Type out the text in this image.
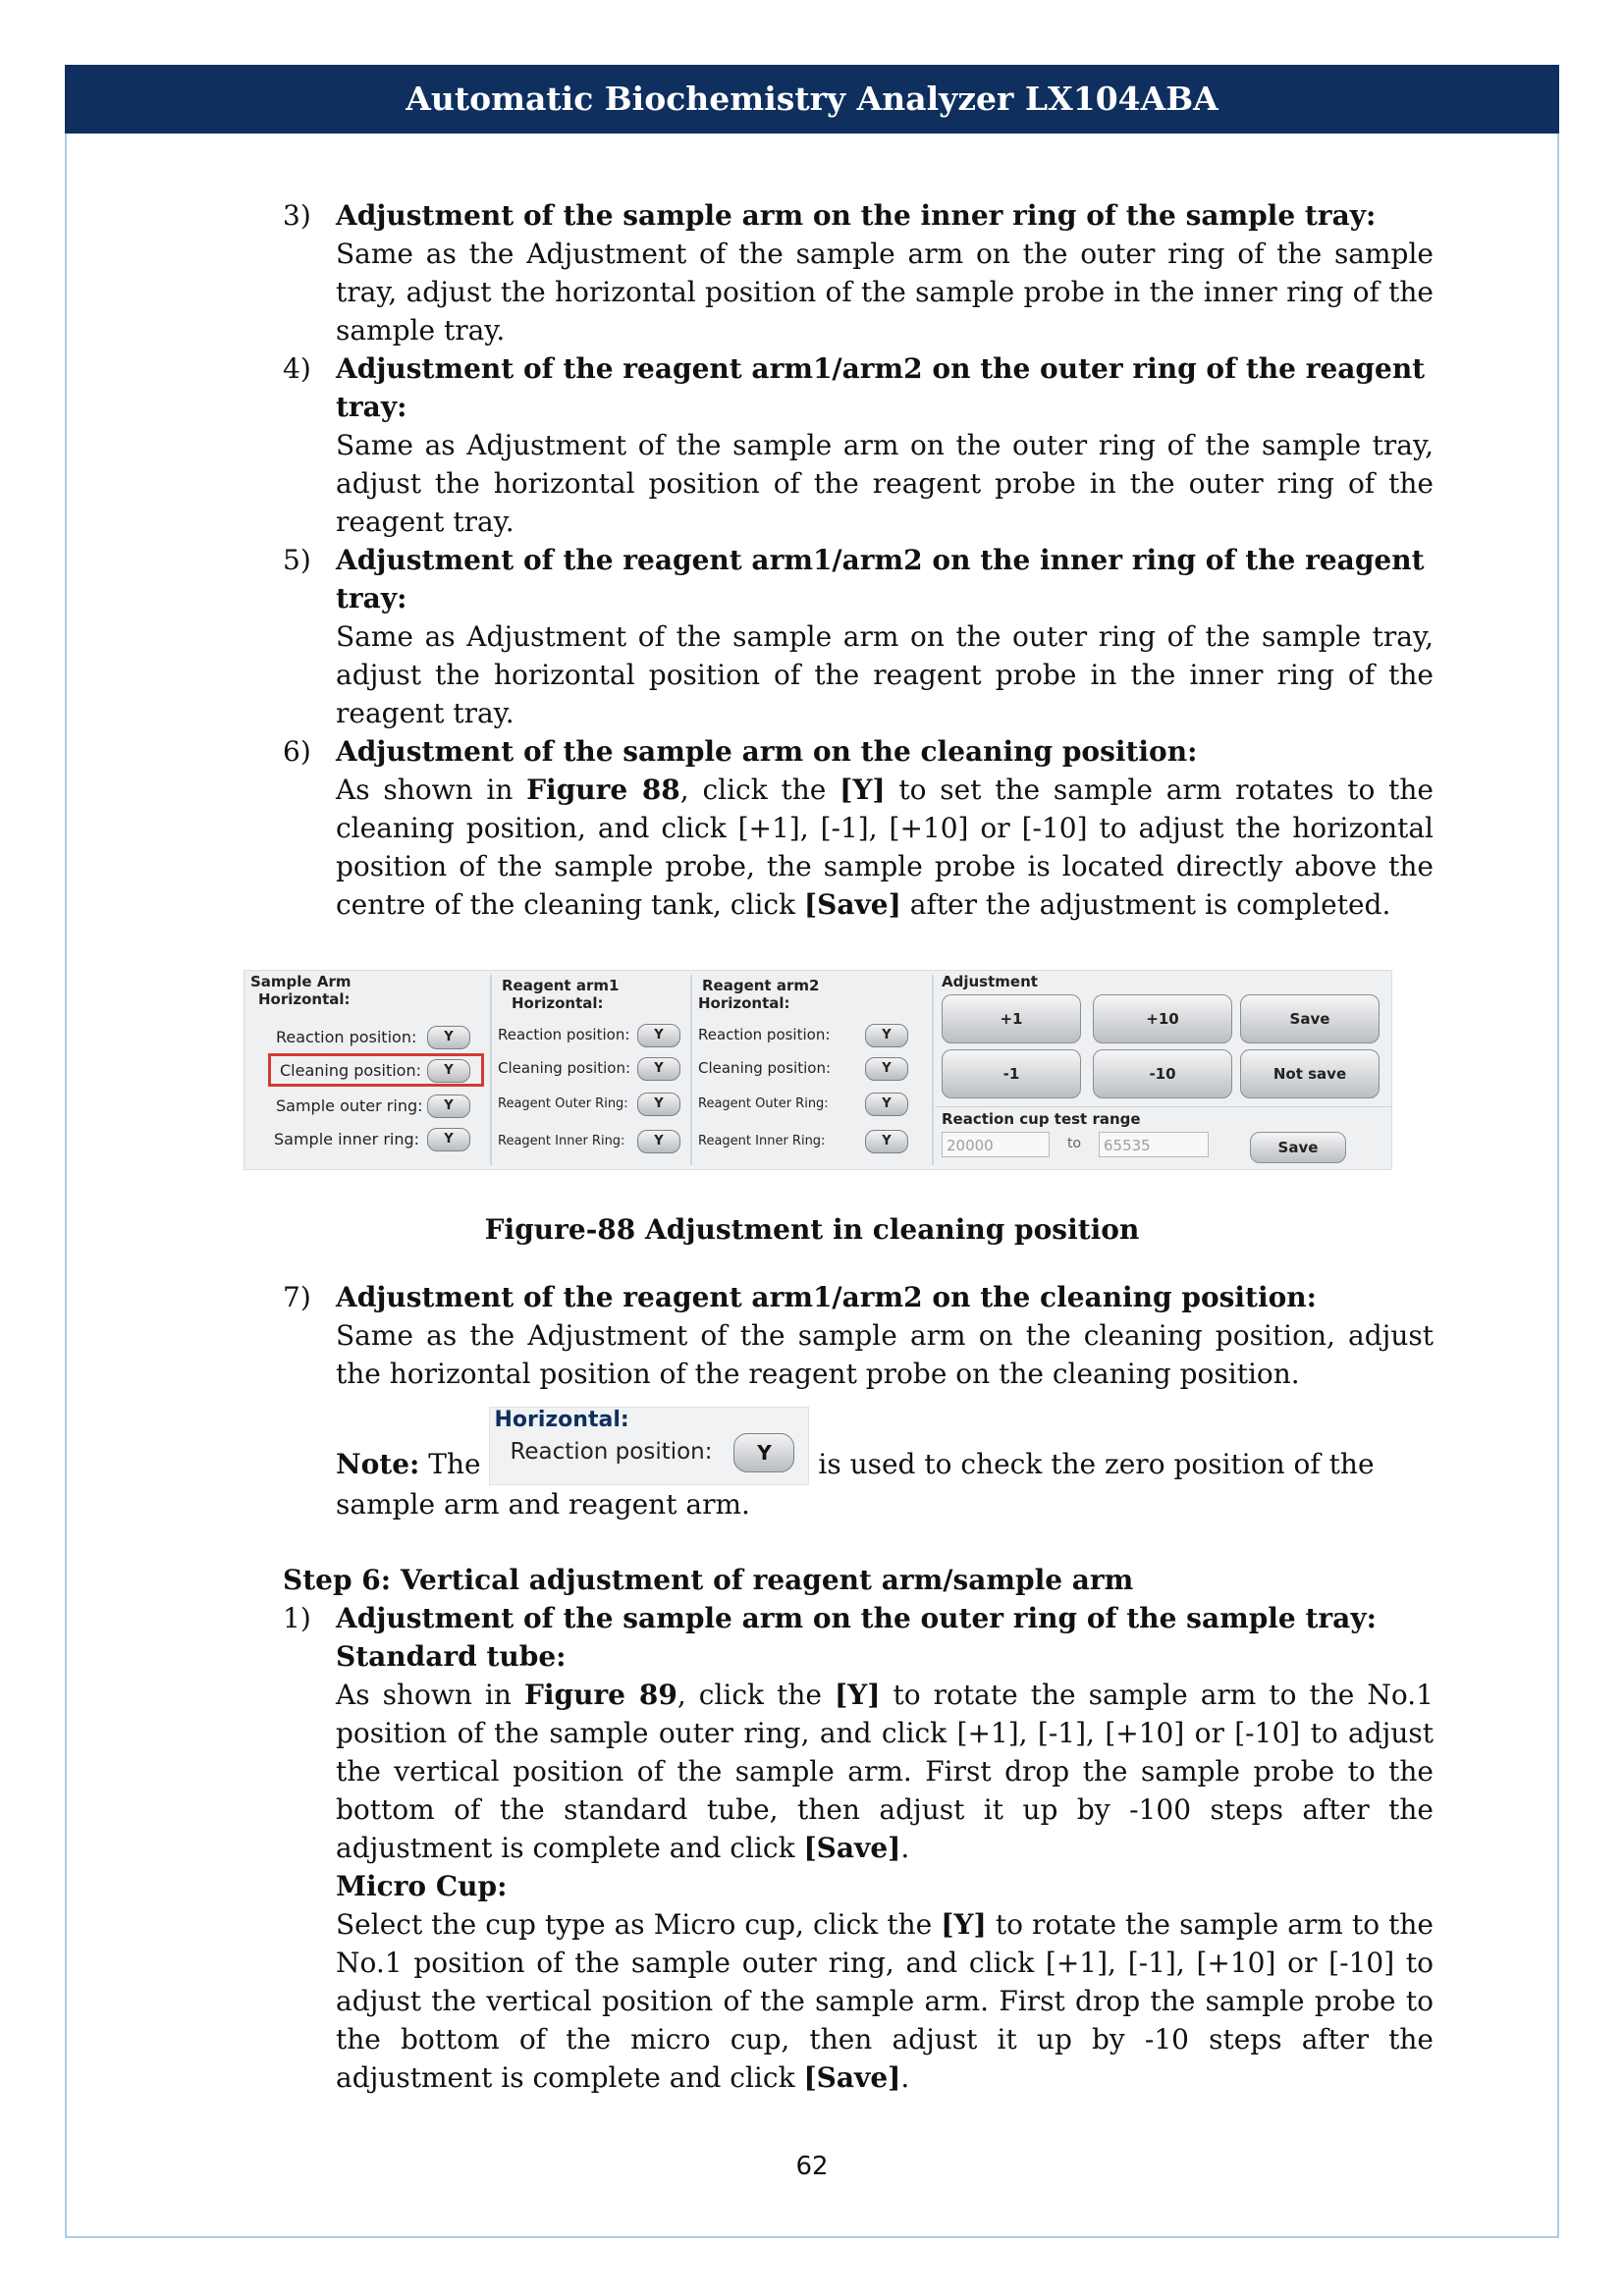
Automatic Biochemistry Analyzer LX104ABA
3) Adjustment of the sample arm on the inner ring of the sample tray:
Same as the Adjustment of the sample arm on the outer ring of the sample tray, adjust the horizontal position of the sample probe in the inner ring of the sample tray.
4) Adjustment of the reagent arm1/arm2 on the outer ring of the reagent tray:
Same as Adjustment of the sample arm on the outer ring of the sample tray, adjust the horizontal position of the reagent probe in the outer ring of the reagent tray.
5) Adjustment of the reagent arm1/arm2 on the inner ring of the reagent tray:
Same as Adjustment of the sample arm on the outer ring of the sample tray, adjust the horizontal position of the reagent probe in the inner ring of the reagent tray.
6) Adjustment of the sample arm on the cleaning position:
As shown in Figure 88, click the [Y] to set the sample arm rotates to the cleaning position, and click [+1], [-1], [+10] or [-10] to adjust the horizontal position of the sample probe, the sample probe is located directly above the centre of the cleaning tank, click [Save] after the adjustment is completed.
Sample Arm
Horizontal:
Reaction position:	Y
Cleaning position:	Y
Sample outer ring:	Y
Sample inner ring:	Y
Reagent arm1
Horizontal:
Reaction position:	Y
Cleaning position:	Y
Reagent Outer Ring:	Y
Reagent Inner Ring:	Y
Reagent arm2
Horizontal:
Reaction position:	Y
Cleaning position:	Y
Reagent Outer Ring:	Y
Reagent Inner Ring:	Y
Adjustment
+1	+10	Save
-1	-10	Not save
Reaction cup test range
20000	to	65535	Save
Figure-88 Adjustment in cleaning position
7) Adjustment of the reagent arm1/arm2 on the cleaning position:
Same as the Adjustment of the sample arm on the cleaning position, adjust the horizontal position of the reagent probe on the cleaning position.
Note: The
Horizontal:
Reaction position:	Y	is used to check the zero position of the sample arm and reagent arm.
Step 6: Vertical adjustment of reagent arm/sample arm
1) Adjustment of the sample arm on the outer ring of the sample tray:
Standard tube:
As shown in Figure 89, click the [Y] to rotate the sample arm to the No.1 position of the sample outer ring, and click [+1], [-1], [+10] or [-10] to adjust the vertical position of the sample arm. First drop the sample probe to the bottom of the standard tube, then adjust it up by -100 steps after the adjustment is complete and click [Save].
Micro Cup:
Select the cup type as Micro cup, click the [Y] to rotate the sample arm to the No.1 position of the sample outer ring, and click [+1], [-1], [+10] or [-10] to adjust the vertical position of the sample arm. First drop the sample probe to the bottom of the micro cup, then adjust it up by -10 steps after the adjustment is complete and click [Save].
62
